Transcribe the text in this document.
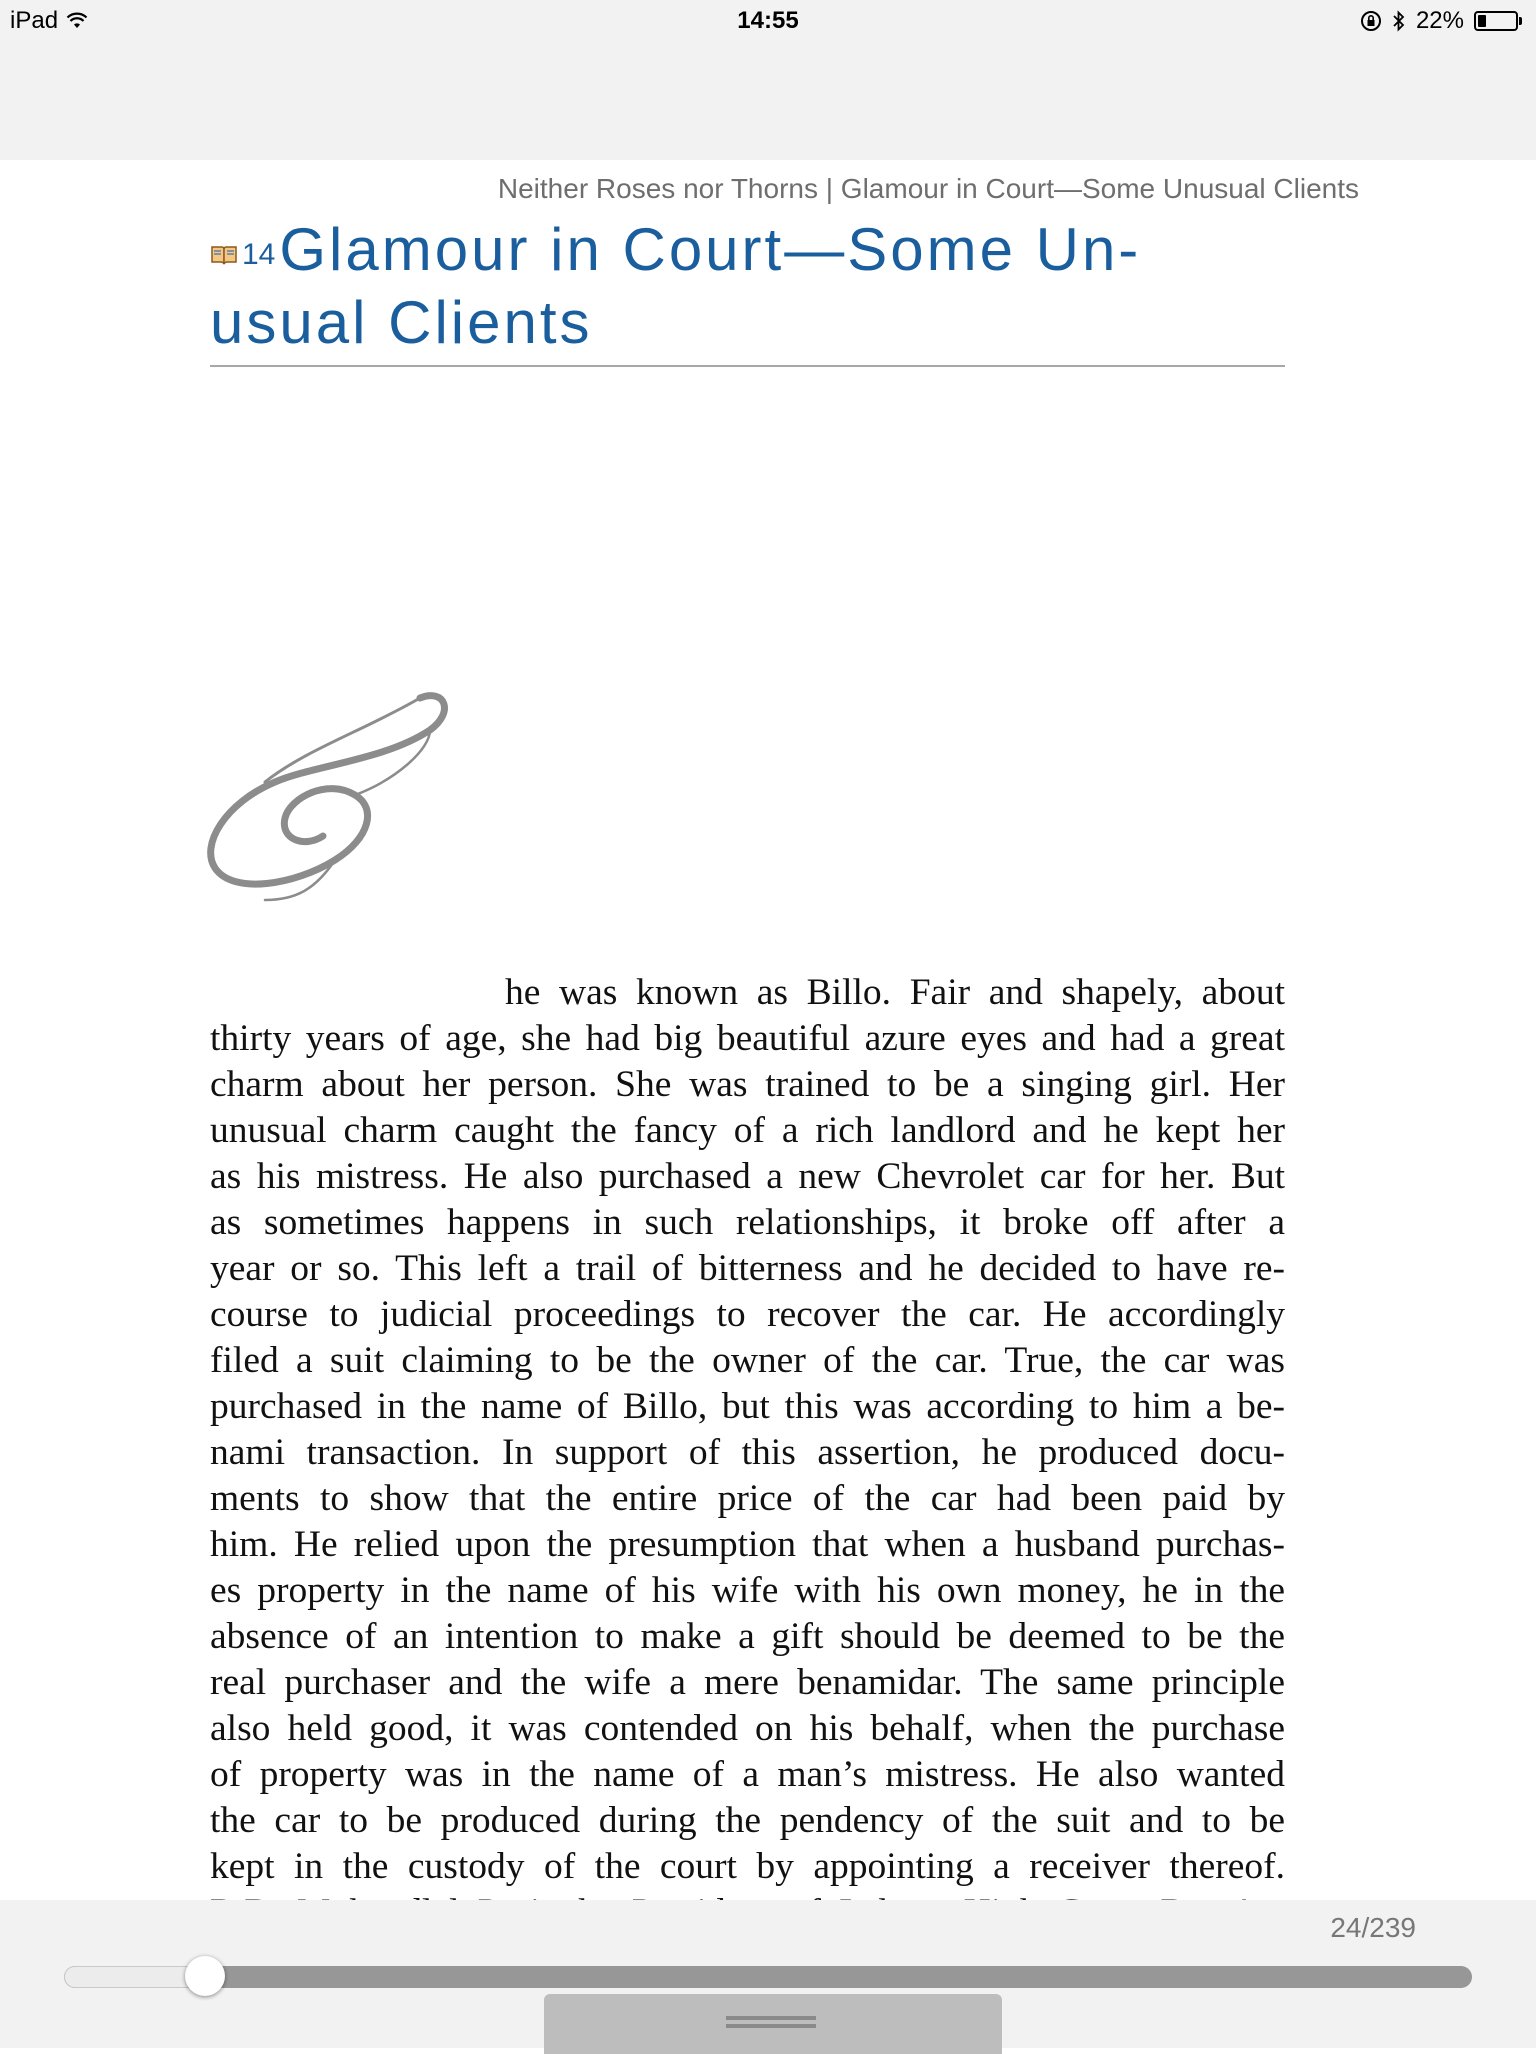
iPad	14:55	22%
Neither Roses nor Thorns | Glamour in Court—Some Unusual Clients
14Glamour in Court—Some Un-
usual Clients
he was known as Billo. Fair and shapely, about
thirty years of age, she had big beautiful azure eyes and had a great
charm about her person. She was trained to be a singing girl. Her
unusual charm caught the fancy of a rich landlord and he kept her
as his mistress. He also purchased a new Chevrolet car for her. But
as sometimes happens in such relationships, it broke off after a
year or so. This left a trail of bitterness and he decided to have re-
course to judicial proceedings to recover the car. He accordingly
filed a suit claiming to be the owner of the car. True, the car was
purchased in the name of Billo, but this was according to him a be-
nami transaction. In support of this assertion, he produced docu-
ments to show that the entire price of the car had been paid by
him. He relied upon the presumption that when a husband purchas-
es property in the name of his wife with his own money, he in the
absence of an intention to make a gift should be deemed to be the
real purchaser and the wife a mere benamidar. The same principle
also held good, it was contended on his behalf, when the purchase
of property was in the name of a man’s mistress. He also wanted
the car to be produced during the pendency of the suit and to be
kept in the custody of the court by appointing a receiver thereof.
24/239
